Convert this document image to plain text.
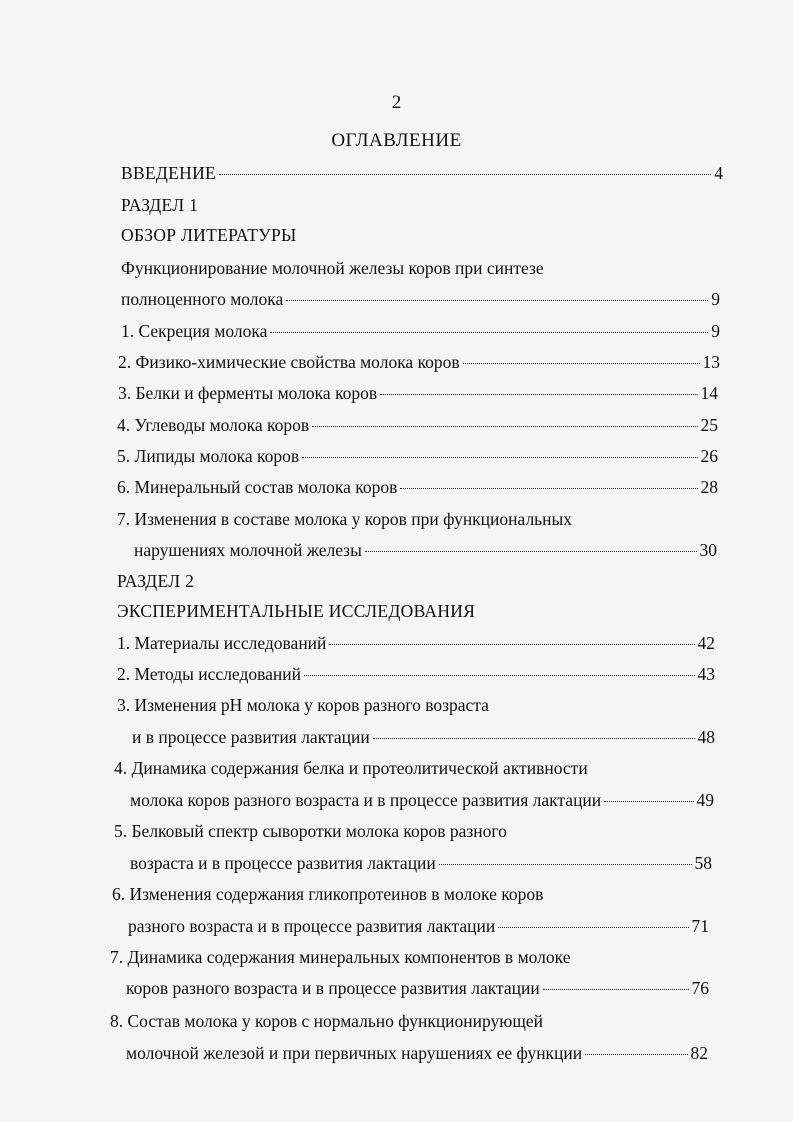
2
ОГЛАВЛЕНИЕ
ВВЕДЕНИЕ	4
РАЗДЕЛ 1
ОБЗОР ЛИТЕРАТУРЫ
Функционирование молочной железы коров при синтезе
полноценного молока	9
1. Секреция молока	9
2. Физико-химические свойства молока коров	13
3. Белки и ферменты молока коров	14
4. Углеводы молока коров	25
5. Липиды молока коров	26
6. Минеральный состав молока коров	28
7. Изменения в составе молока у коров при функциональных
нарушениях молочной железы	30
РАЗДЕЛ 2
ЭКСПЕРИМЕНТАЛЬНЫЕ ИССЛЕДОВАНИЯ
1. Материалы исследований	42
2. Методы исследований	43
3. Изменения pH молока у коров разного возраста
и в процессе развития лактации	48
4. Динамика содержания белка и протеолитической активности
молока коров разного возраста и в процессе развития лактации	49
5. Белковый спектр сыворотки молока коров разного
возраста и в процессе развития лактации	58
6. Изменения содержания гликопротеинов в молоке коров
разного возраста и в процессе развития лактации	71
7. Динамика содержания минеральных компонентов в молоке
коров разного возраста и в процессе развития лактации	76
8. Состав молока у коров с нормально функционирующей
молочной железой и при первичных нарушениях ее функции	82
